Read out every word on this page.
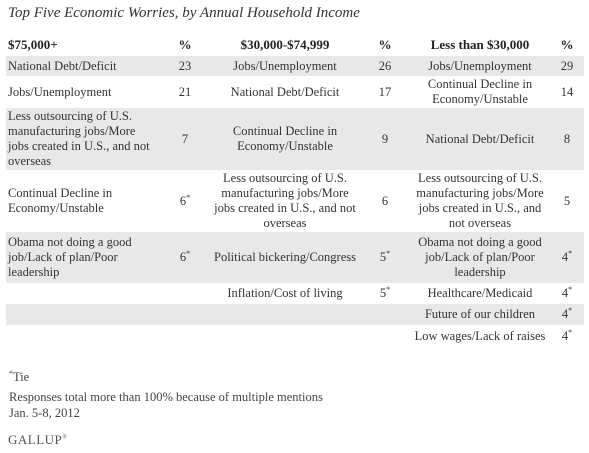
Top Five Economic Worries, by Annual Household Income
$75,000+	%	$30,000-$74,999	%	Less than $30,000	%
National Debt/Deficit	23	Jobs/Unemployment	26	Jobs/Unemployment	29
Jobs/Unemployment	21	National Debt/Deficit	17	Continual Decline in Economy/Unstable	14
Less outsourcing of U.S. manufacturing jobs/More jobs created in U.S., and not overseas	7	Continual Decline in Economy/Unstable	9	National Debt/Deficit	8
Continual Decline in Economy/Unstable	6*	Less outsourcing of U.S. manufacturing jobs/More jobs created in U.S., and not overseas	6	Less outsourcing of U.S. manufacturing jobs/More jobs created in U.S., and not overseas	5
Obama not doing a good job/Lack of plan/Poor leadership	6*	Political bickering/Congress	5*	Obama not doing a good job/Lack of plan/Poor leadership	4*
		Inflation/Cost of living	5*	Healthcare/Medicaid	4*
				Future of our children	4*
				Low wages/Lack of raises	4*
*Tie
Responses total more than 100% because of multiple mentions
Jan. 5-8, 2012
GALLUP®
